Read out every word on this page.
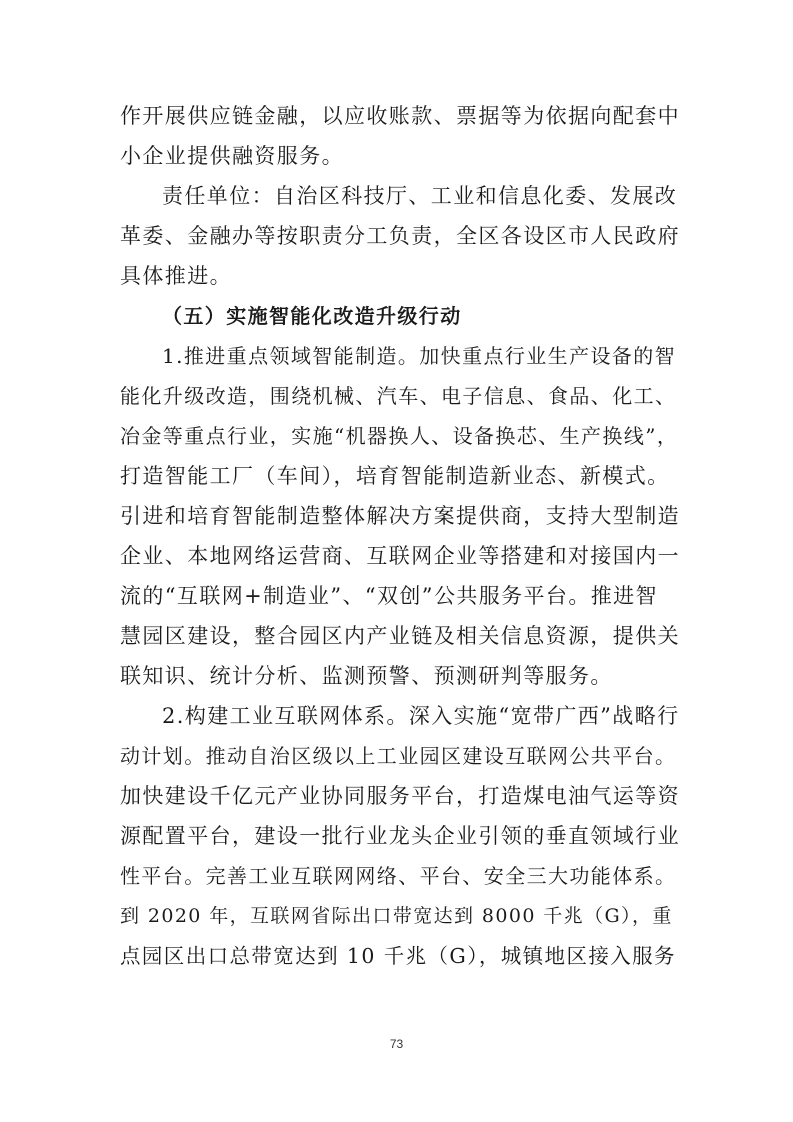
作开展供应链金融，以应收账款、票据等为依据向配套中
小企业提供融资服务。
责任单位：自治区科技厅、工业和信息化委、发展改
革委、金融办等按职责分工负责，全区各设区市人民政府
具体推进。
（五）实施智能化改造升级行动
1.推进重点领域智能制造。加快重点行业生产设备的智
能化升级改造，围绕机械、汽车、电子信息、食品、化工、
冶金等重点行业，实施“机器换人、设备换芯、生产换线”，
打造智能工厂（车间），培育智能制造新业态、新模式。
引进和培育智能制造整体解决方案提供商，支持大型制造
企业、本地网络运营商、互联网企业等搭建和对接国内一
流的“互联网+制造业”、“双创”公共服务平台。推进智
慧园区建设，整合园区内产业链及相关信息资源，提供关
联知识、统计分析、监测预警、预测研判等服务。
2.构建工业互联网体系。深入实施“宽带广西”战略行
动计划。推动自治区级以上工业园区建设互联网公共平台。
加快建设千亿元产业协同服务平台，打造煤电油气运等资
源配置平台，建设一批行业龙头企业引领的垂直领域行业
性平台。完善工业互联网网络、平台、安全三大功能体系。
到 2020 年，互联网省际出口带宽达到 8000 千兆（G），重
点园区出口总带宽达到 10 千兆（G），城镇地区接入服务
73
